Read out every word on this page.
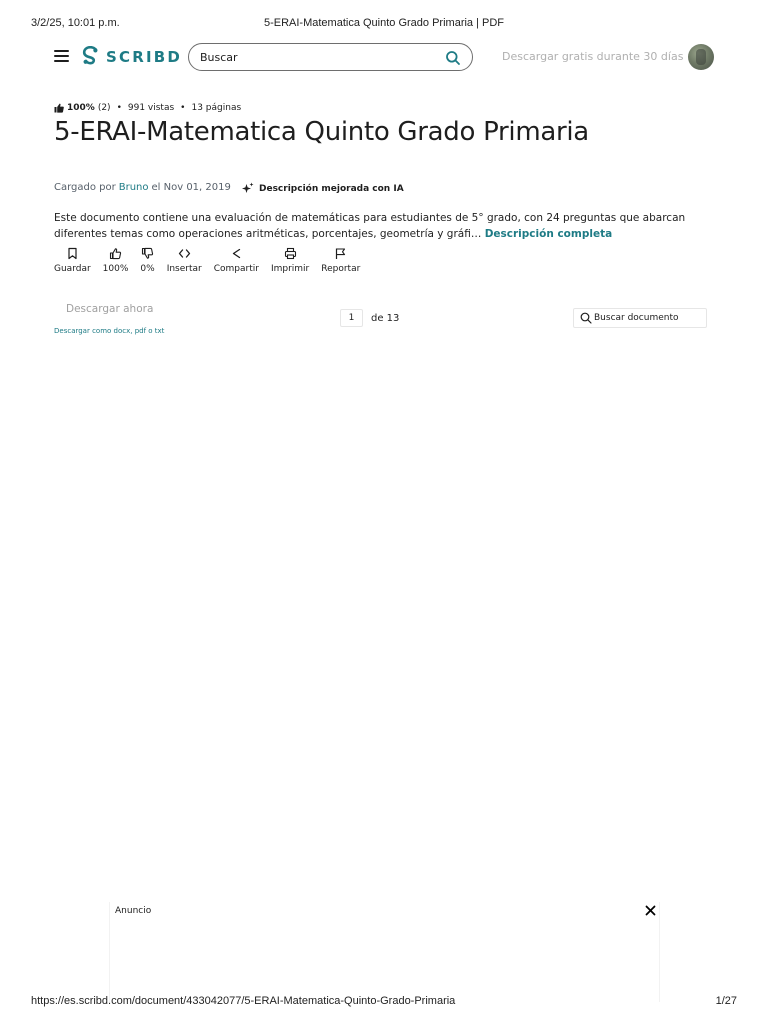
3/2/25, 10:01 p.m.	5-ERAI-Matematica Quinto Grado Primaria | PDF
SCRIBD
Buscar	Descargar gratis durante 30 días
100% (2) • 991 vistas • 13 páginas
5-ERAI-Matematica Quinto Grado Primaria
Cargado por Bruno el Nov 01, 2019	Descripción mejorada con IA

Este documento contiene una evaluación de matemáticas para estudiantes de 5° grado, con 24 preguntas que abarcan diferentes temas como operaciones aritméticas, porcentajes, geometría y gráfi… Descripción completa

Guardar 100% 0% Insertar Compartir Imprimir Reportar
Descargar ahora
Descargar como docx, pdf o txt
1
de 13
Buscar documento
Anuncio
https://es.scribd.com/document/433042077/5-ERAI-Matematica-Quinto-Grado-Primaria	1/27
